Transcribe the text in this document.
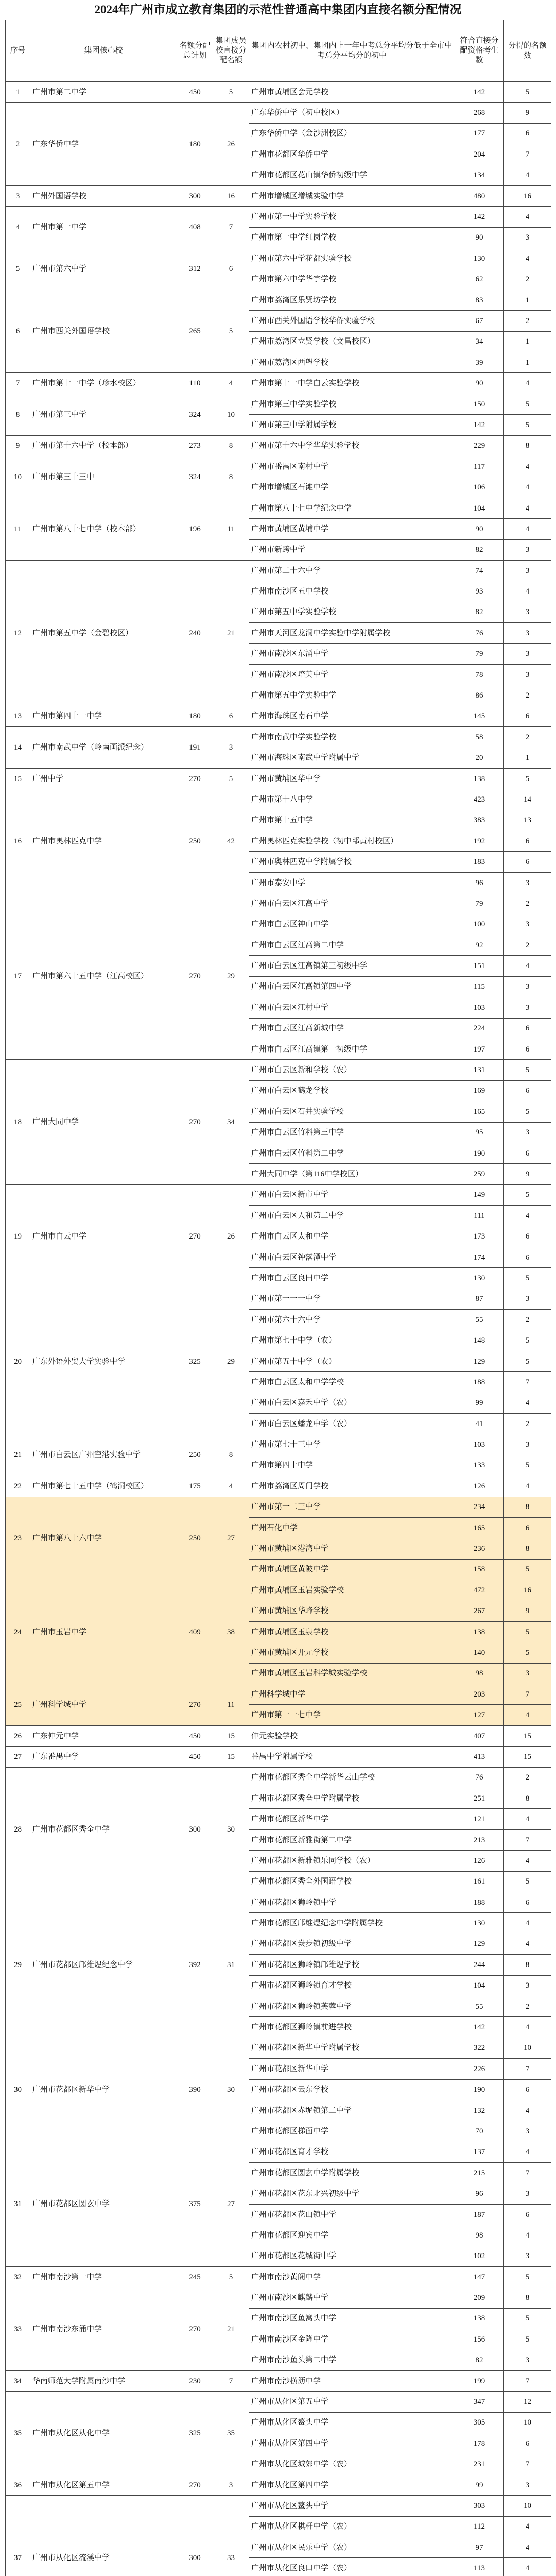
2024年广州市成立教育集团的示范性普通高中集团内直接名额分配情况
序号	集团核心校	名额分配总计划	集团成员校直接分配名额	集团内农村初中、集团内上一年中考总分平均分低于全市中考总分平均分的初中	符合直接分配资格考生数	分得的名额数
1	广州市第二中学	450	5	广州市黄埔区会元学校	142	5
2	广东华侨中学	180	26	广东华侨中学（初中校区）	268	9
				广东华侨中学（金沙洲校区）	177	6
				广州市花都区华侨中学	204	7
				广州市花都区花山镇华侨初级中学	134	4
3	广州外国语学校	300	16	广州市增城区增城实验中学	480	16
4	广州市第一中学	408	7	广州市第一中学实验学校	142	4
				广州市第一中学红岗学校	90	3
5	广州市第六中学	312	6	广州市第六中学花都实验学校	130	4
				广州市第六中学华宇学校	62	2
6	广州市西关外国语学校	265	5	广州市荔湾区乐贤坊学校	83	1
				广州市西关外国语学校华侨实验学校	67	2
				广州市荔湾区立贤学校（文昌校区）	34	1
				广州市荔湾区西塱学校	39	1
7	广州市第十一中学（珍水校区）	110	4	广州市第十一中学白云实验学校	90	4
8	广州市第三中学	324	10	广州市第三中学实验学校	150	5
				广州市第三中学附属学校	142	5
9	广州市第十六中学（校本部）	273	8	广州市第十六中学华华实验学校	229	8
10	广州市第三十三中	324	8	广州市番禺区南村中学	117	4
				广州市增城区石滩中学	106	4
11	广州市第八十七中学（校本部）	196	11	广州市第八十七中学纪念中学	104	4
				广州市黄埔区黄埔中学	90	4
				广州市新跨中学	82	3
12	广州市第五中学（金碧校区）	240	21	广州市第二十六中学	74	3
				广州市南沙区五中学校	93	4
				广州市第五中学实验学校	82	3
				广州市天河区龙洞中学实验中学附属学校	76	3
				广州市南沙区东涌中学	79	3
				广州市南沙区培英中学	78	3
				广州市第五中学实验中学	86	2
13	广州市第四十一中学	180	6	广州市海珠区南石中学	145	6
14	广州市南武中学（岭南画派纪念）	191	3	广州市南武中学实验学校	58	2
				广州市海珠区南武中学附属中学	20	1
15	广州中学	270	5	广州市黄埔区华中学	138	5
16	广州市奥林匹克中学	250	42	广州市第十八中学	423	14
				广州市第十五中学	383	13
				广州奥林匹克实验学校（初中部黄村校区）	192	6
				广州市奥林匹克中学附属学校	183	6
				广州市泰安中学	96	3
17	广州市第六十五中学（江高校区）	270	29	广州市白云区江高中学	79	2
				广州市白云区神山中学	100	3
				广州市白云区江高第二中学	92	2
				广州市白云区江高镇第三初级中学	151	4
				广州市白云区江高镇第四中学	115	3
				广州市白云区江村中学	103	3
				广州市白云区江高新城中学	224	6
				广州市白云区江高镇第一初级中学	197	6
18	广州大同中学	270	34	广州市白云区新和学校（农）	131	5
				广州市白云区鹤龙学校	169	6
				广州市白云区石井实验学校	165	5
				广州市白云区竹料第三中学	95	3
				广州市白云区竹料第二中学	190	6
				广州大同中学（第116中学校区）	259	9
19	广州市白云中学	270	26	广州市白云区新市中学	149	5
				广州市白云区人和第二中学	111	4
				广州市白云区太和中学	173	6
				广州市白云区钟落潭中学	174	6
				广州市白云区良田中学	130	5
20	广东外语外贸大学实验中学	325	29	广州市第一一一中学	87	3
				广州市第六十六中学	55	2
				广州市第七十中学（农）	148	5
				广州市第五十中学（农）	129	5
				广州市白云区太和中学学校	188	7
				广州市白云区嘉禾中学（农）	99	4
				广州市白云区蟠龙中学（农）	41	2
21	广州市白云区广州空港实验中学	250	8	广州市第七十三中学	103	3
				广州市第四十中学	133	5
22	广州市第七十五中学（鹤洞校区）	175	4	广州市荔湾区周门学校	126	4
23	广州市第八十六中学	250	27	广州市第一二三中学	234	8
				广州石化中学	165	6
				广州市黄埔区港湾中学	236	8
				广州市黄埔区黄陂中学	158	5
24	广州市玉岩中学	409	38	广州市黄埔区玉岩实验学校	472	16
				广州市黄埔区华峰学校	267	9
				广州市黄埔区玉泉学校	138	5
				广州市黄埔区开元学校	140	5
				广州市黄埔区玉岩科学城实验学校	98	3
25	广州科学城中学	270	11	广州科学城中学	203	7
				广州市第一一七中学	127	4
26	广东仲元中学	450	15	仲元实验学校	407	15
27	广东番禺中学	450	15	番禺中学附属学校	413	15
28	广州市花都区秀全中学	300	30	广州市花都区秀全中学新华云山学校	76	2
				广州市花都区秀全中学附属学校	251	8
				广州市花都区新华中学	121	4
				广州市花都区新雅街第二中学	213	7
				广州市花都区新雅镇乐同学校（农）	126	4
				广州市花都区秀全外国语学校	161	5
29	广州市花都区邝维煜纪念中学	392	31	广州市花都区狮岭镇中学	188	6
				广州市花都区邝维煜纪念中学附属学校	130	4
				广州市花都区炭步镇初级中学	129	4
				广州市花都区狮岭镇邝维煜学校	244	8
				广州市花都区狮岭镇育才学校	104	3
				广州市花都区狮岭镇芙蓉中学	55	2
				广州市花都区狮岭镇前进学校	142	4
30	广州市花都区新华中学	390	30	广州市花都区新华中学附属学校	322	10
				广州市花都区新华中学	226	7
				广州市花都区云东学校	190	6
				广州市花都区赤坭镇第二中学	132	4
				广州市花都区梯面中学	70	3
31	广州市花都区圆玄中学	375	27	广州市花都区育才学校	137	4
				广州市花都区圆玄中学附属学校	215	7
				广州市花都区花东北兴初级中学	96	3
				广州市花都区花山镇中学	187	6
				广州市花都区迎宾中学	98	4
				广州市花都区花城街中学	102	3
32	广州市南沙第一中学	245	5	广州市南沙黄阁中学	147	5
33	广州市南沙东涌中学	270	21	广州市南沙区麒麟中学	209	8
				广州市南沙区鱼窝头中学	138	5
				广州市南沙区金隆中学	156	5
				广州市南沙鱼头第二中学	82	3
34	华南师范大学附属南沙中学	230	7	广州市南沙横沥中学	199	7
35	广州市从化区从化中学	325	35	广州市从化区第五中学	347	12
				广州市从化区鳌头中学	305	10
				广州市从化区第四中学	178	6
				广州市从化区城郊中学（农）	231	7
36	广州市从化区第五中学	270	3	广州市从化区第四中学	99	3
37	广州市从化区流溪中学	300	33	广州市从化区鳌头中学	303	10
				广州市从化区棋杆中学（农）	112	4
				广州市从化区民乐中学（农）	97	4
				广州市从化区良口中学（农）	113	4
